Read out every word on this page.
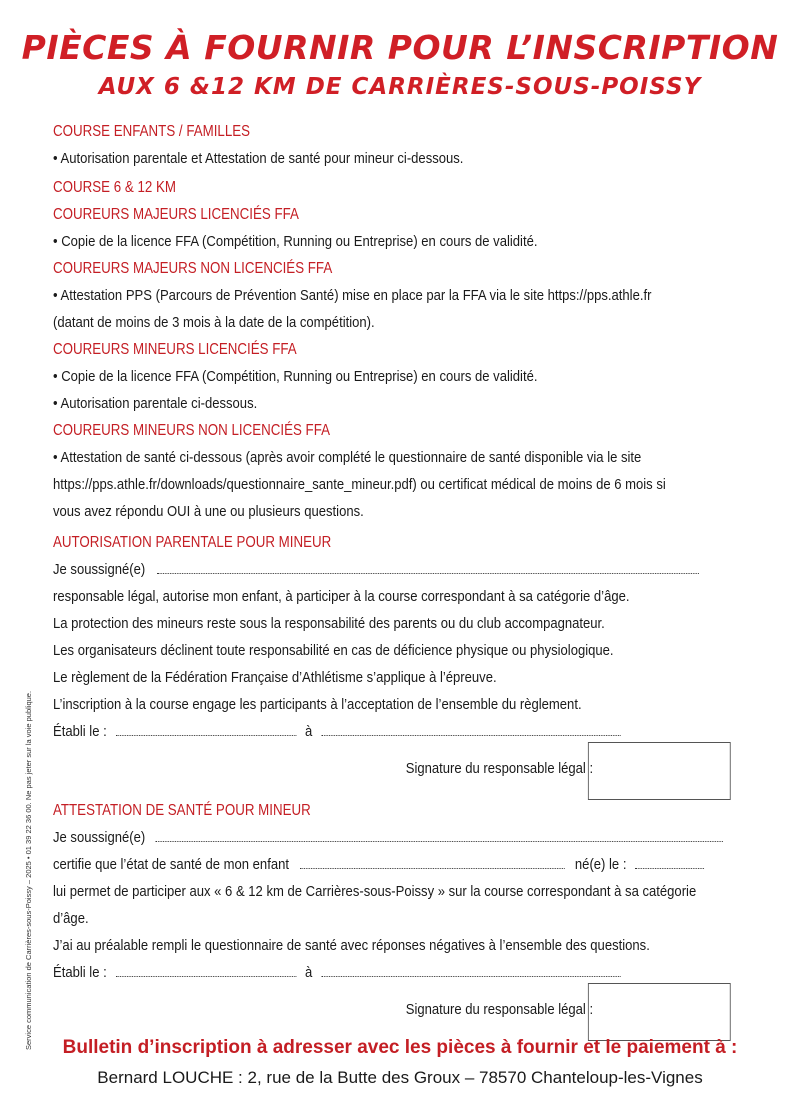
PIÈCES À FOURNIR POUR L’INSCRIPTION
AUX 6 &12 KM DE CARRIÈRES-SOUS-POISSY
COURSE ENFANTS / FAMILLES
• Autorisation parentale et Attestation de santé pour mineur ci-dessous.
COURSE 6 & 12 KM
COUREURS MAJEURS LICENCIÉS FFA
• Copie de la licence FFA (Compétition, Running ou Entreprise) en cours de validité.
COUREURS MAJEURS NON LICENCIÉS FFA
• Attestation PPS (Parcours de Prévention Santé) mise en place par la FFA via le site https://pps.athle.fr
(datant de moins de 3 mois à la date de la compétition).
COUREURS MINEURS LICENCIÉS FFA
• Copie de la licence FFA (Compétition, Running ou Entreprise) en cours de validité.
• Autorisation parentale ci-dessous.
COUREURS MINEURS NON LICENCIÉS FFA
• Attestation de santé ci-dessous (après avoir complété le questionnaire de santé disponible via le site
https://pps.athle.fr/downloads/questionnaire_sante_mineur.pdf) ou certificat médical de moins de 6 mois si
vous avez répondu OUI à une ou plusieurs questions.
AUTORISATION PARENTALE POUR MINEUR
Je soussigné(e)
responsable légal, autorise mon enfant, à participer à la course correspondant à sa catégorie d’âge.
La protection des mineurs reste sous la responsabilité des parents ou du club accompagnateur.
Les organisateurs déclinent toute responsabilité en cas de déficience physique ou physiologique.
Le règlement de la Fédération Française d’Athlétisme s’applique à l’épreuve.
L’inscription à la course engage les participants à l’acceptation de l’ensemble du règlement.
Établi le :	à
Signature du responsable légal :
ATTESTATION DE SANTÉ POUR MINEUR
Je soussigné(e)
certifie que l’état de santé de mon enfant	né(e) le :
lui permet de participer aux « 6 & 12 km de Carrières-sous-Poissy » sur la course correspondant à sa catégorie
d’âge.
J’ai au préalable rempli le questionnaire de santé avec réponses négatives à l’ensemble des questions.
Établi le :	à
Signature du responsable légal :
Bulletin d’inscription à adresser avec les pièces à fournir et le paiement à :
Bernard LOUCHE : 2, rue de la Butte des Groux – 78570 Chanteloup-les-Vignes
Service communication de Carrières-sous-Poissy – 2025 • 01 39 22 36 00. Ne pas jeter sur la voie publique.
